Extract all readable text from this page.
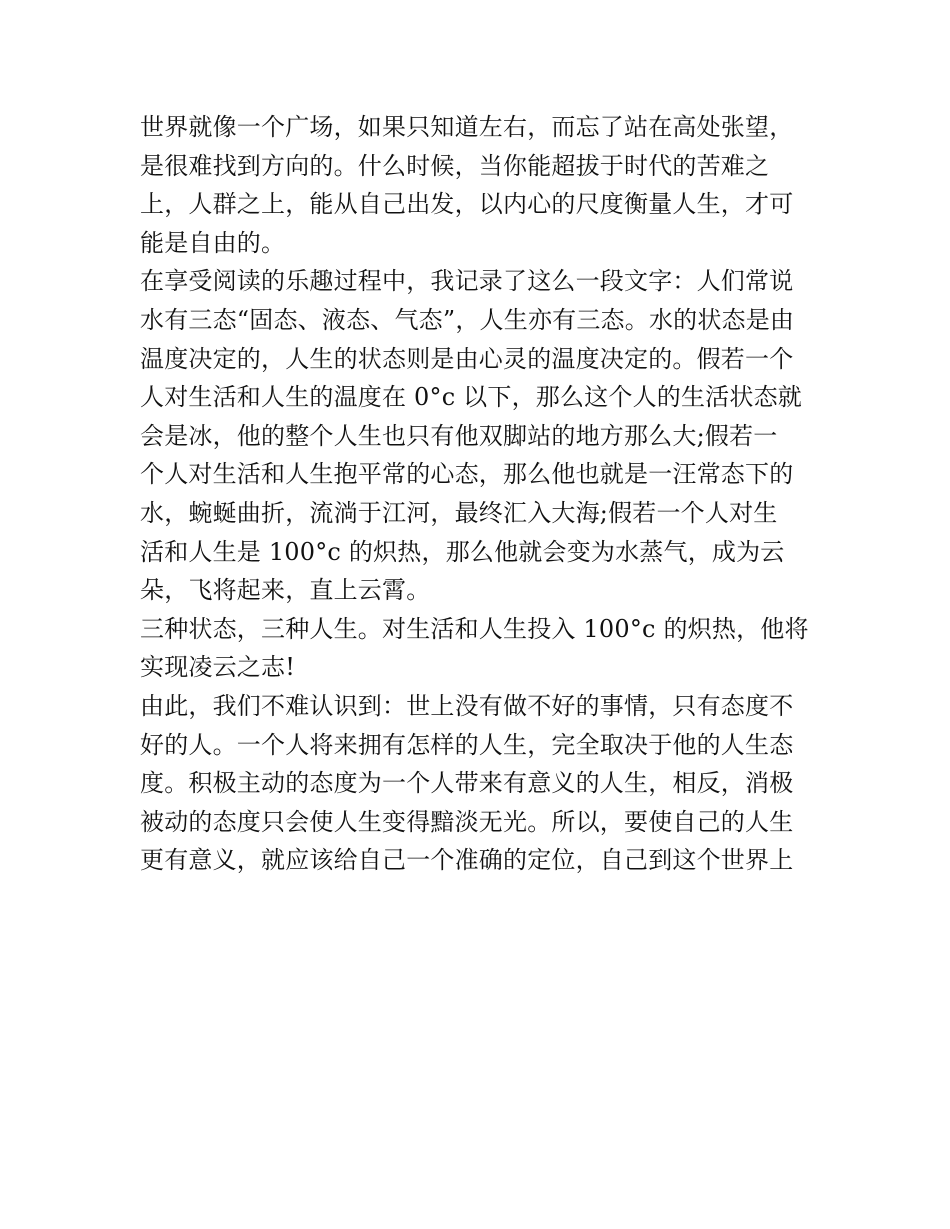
世界就像一个广场，如果只知道左右，而忘了站在高处张望，
是很难找到方向的。什么时候，当你能超拔于时代的苦难之
上，人群之上，能从自己出发，以内心的尺度衡量人生，才可
能是自由的。
在享受阅读的乐趣过程中，我记录了这么一段文字：人们常说
水有三态“固态、液态、气态”，人生亦有三态。水的状态是由
温度决定的，人生的状态则是由心灵的温度决定的。假若一个
人对生活和人生的温度在 0°c 以下，那么这个人的生活状态就
会是冰，他的整个人生也只有他双脚站的地方那么大;假若一
个人对生活和人生抱平常的心态，那么他也就是一汪常态下的
水，蜿蜒曲折，流淌于江河，最终汇入大海;假若一个人对生
活和人生是 100°c 的炽热，那么他就会变为水蒸气，成为云
朵，飞将起来，直上云霄。
三种状态，三种人生。对生活和人生投入 100°c 的炽热，他将
实现凌云之志!
由此，我们不难认识到：世上没有做不好的事情，只有态度不
好的人。一个人将来拥有怎样的人生，完全取决于他的人生态
度。积极主动的态度为一个人带来有意义的人生，相反，消极
被动的态度只会使人生变得黯淡无光。所以，要使自己的人生
更有意义，就应该给自己一个准确的定位，自己到这个世界上
